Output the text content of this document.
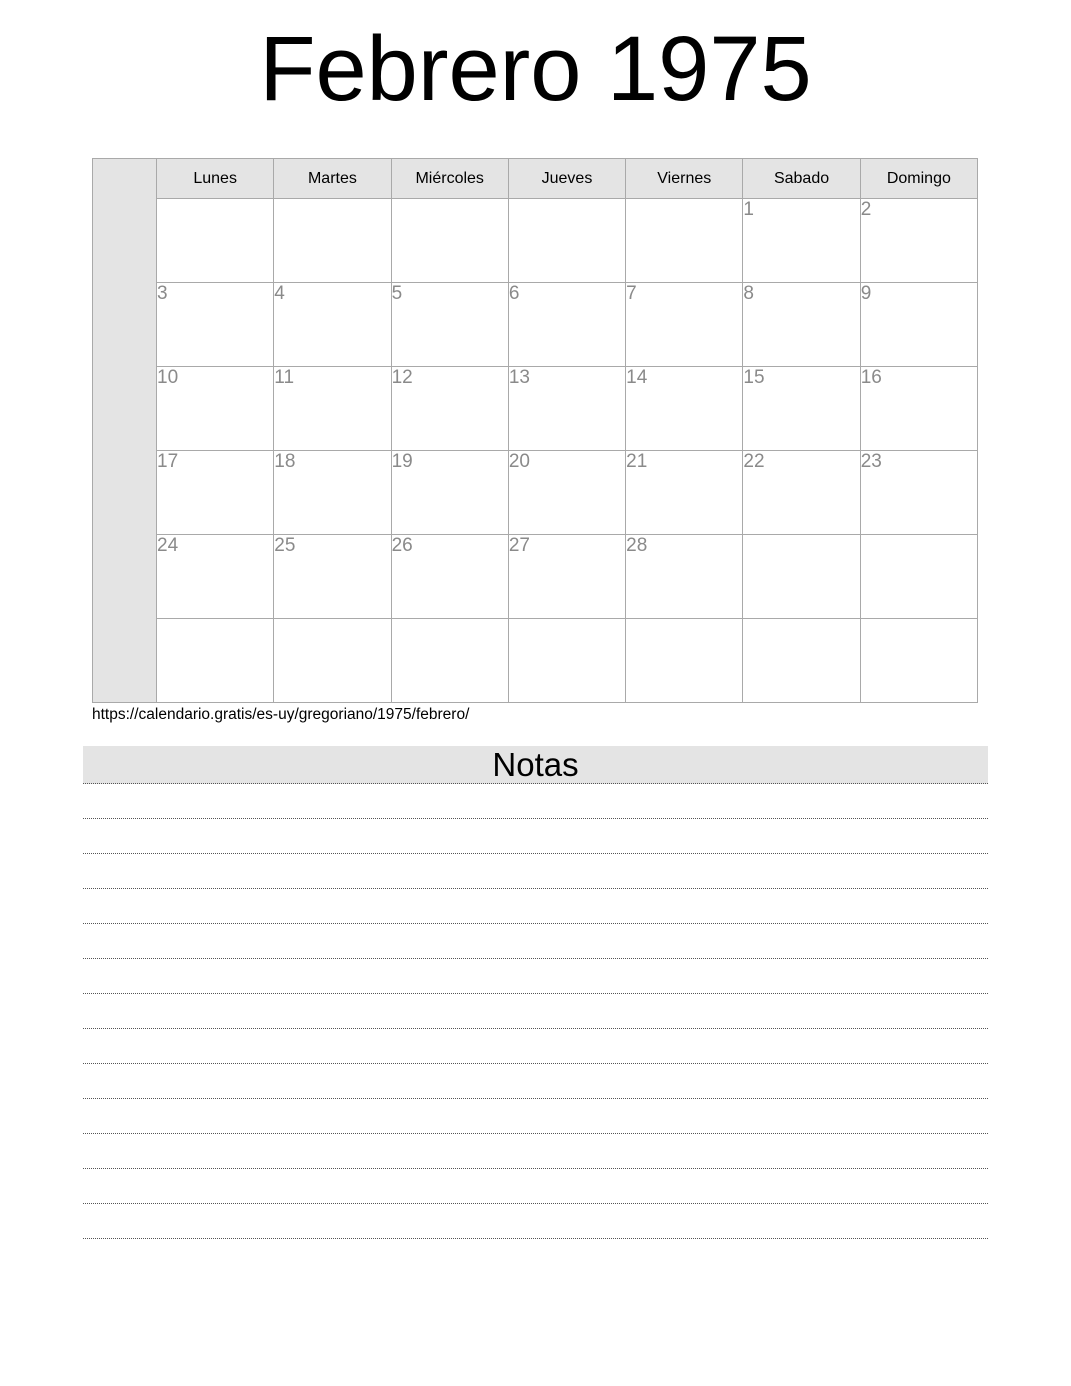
Febrero 1975
	Lunes	Martes	Miércoles	Jueves	Viernes	Sabado	Domingo
						1	2
	3	4	5	6	7	8	9
	10	11	12	13	14	15	16
	17	18	19	20	21	22	23
	24	25	26	27	28		

https://calendario.gratis/es-uy/gregoriano/1975/febrero/
Notas
